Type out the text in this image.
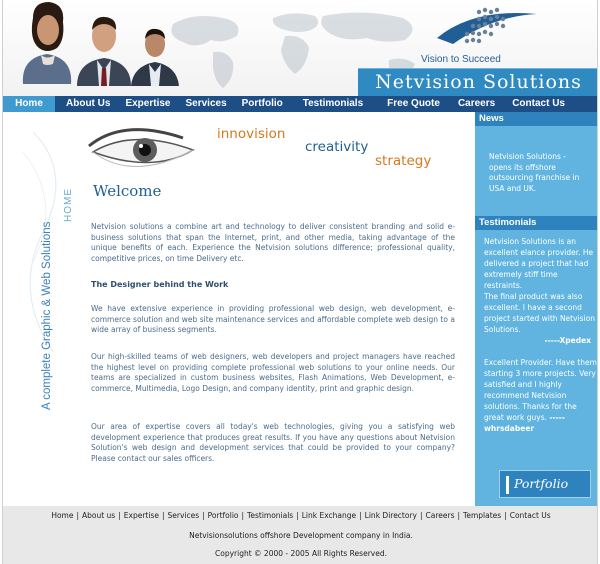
Vision to Succeed
Netvision Solutions
Home	About Us Expertise Services Portfolio Testimonials Free Quote Careers Contact Us
A complete Graphic & Web Solutions
innovision
creativity
strategy
HOME Welcome

Netvision solutions a combine art and technology to deliver consistent branding and solid e-business solutions that span the Internet, print, and other media, taking advantage of the unique benefits of each. Experience the Netvision solutions difference; professional quality, competitive prices, on time Delivery etc.

The Designer behind the Work

We have extensive experience in providing professional web design, web development, e-commerce solution and web site maintenance services and affordable complete web design to a wide array of business segments.

Our high-skilled teams of web designers, web developers and project managers have reached the highest level on providing complete professional web solutions to your online needs. Our teams are specialized in custom business websites, Flash Animations, Web Development, e-commerce, Multimedia, Logo Design, and company identity, print and graphic design.

Our area of expertise covers all today's web technologies, giving you a satisfying web development experience that produces great results. If you have any questions about Netvision Solution's web design and development services that could be provided to your company? Please contact our sales officers.

News
Netvision Solutions - opens its offshore outsourcing franchise in USA and UK.
Testimonials
Netvision Solutions is an excellent elance provider. He delivered a project that had extremely stiff time restraints.
The final product was also excellent. I have a second project started with Netvision Solutions.
-----Xpedex

Excellent Provider. Have them starting 3 more projects. Very satisfied and I highly recommend Netvision solutions. Thanks for the great work guys. -----whrsdabeer
Portfolio
Home | About us | Expertise | Services | Portfolio | Testimonials | Link Exchange | Link Directory | Careers | Templates | Contact Us
Netvisionsolutions offshore Development company in India.
Copyright © 2000 - 2005 All Rights Reserved.
